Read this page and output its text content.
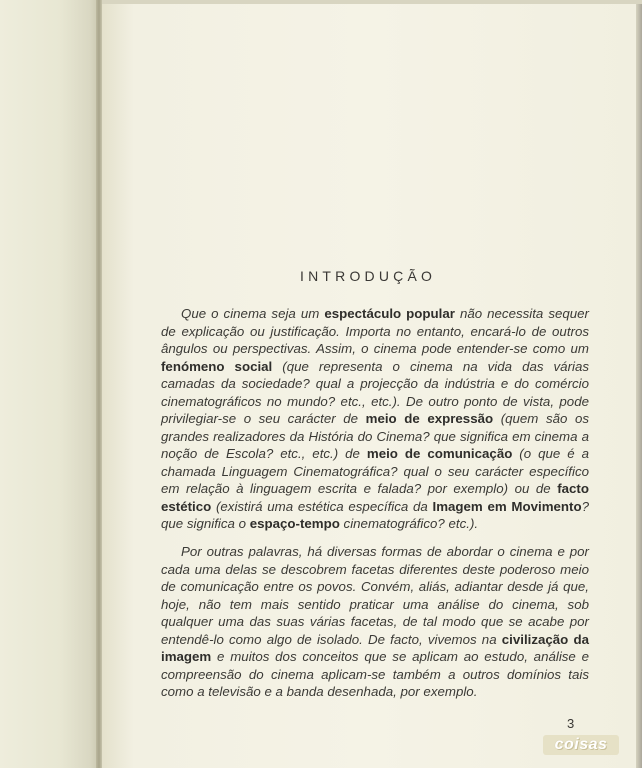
INTRODUÇÃO

Que o cinema seja um espectáculo popular não necessita sequer de explicação ou justificação. Importa no entanto, encará-lo de outros ângulos ou perspectivas. Assim, o cinema pode entender-se como um fenómeno social (que representa o cinema na vida das várias camadas da sociedade? qual a projecção da indústria e do comércio cinematográficos no mundo? etc., etc.). De outro ponto de vista, pode privilegiar-se o seu carácter de meio de expressão (quem são os grandes realizadores da História do Cinema? que significa em cinema a noção de Escola? etc., etc.) de meio de comunicação (o que é a chamada Linguagem Cinematográfica? qual o seu carácter específico em relação à linguagem escrita e falada? por exemplo) ou de facto estético (existirá uma estética específica da Imagem em Movimento? que significa o espaço-tempo cinematográfico? etc.).

Por outras palavras, há diversas formas de abordar o cinema e por cada uma delas se descobrem facetas diferentes deste poderoso meio de comunicação entre os povos. Convém, aliás, adiantar desde já que, hoje, não tem mais sentido praticar uma análise do cinema, sob qualquer uma das suas várias facetas, de tal modo que se acabe por entendê-lo como algo de isolado. De facto, vivemos na civilização da imagem e muitos dos conceitos que se aplicam ao estudo, análise e compreensão do cinema aplicam-se também a outros domínios tais como a televisão e a banda desenhada, por exemplo.

3
coisas
